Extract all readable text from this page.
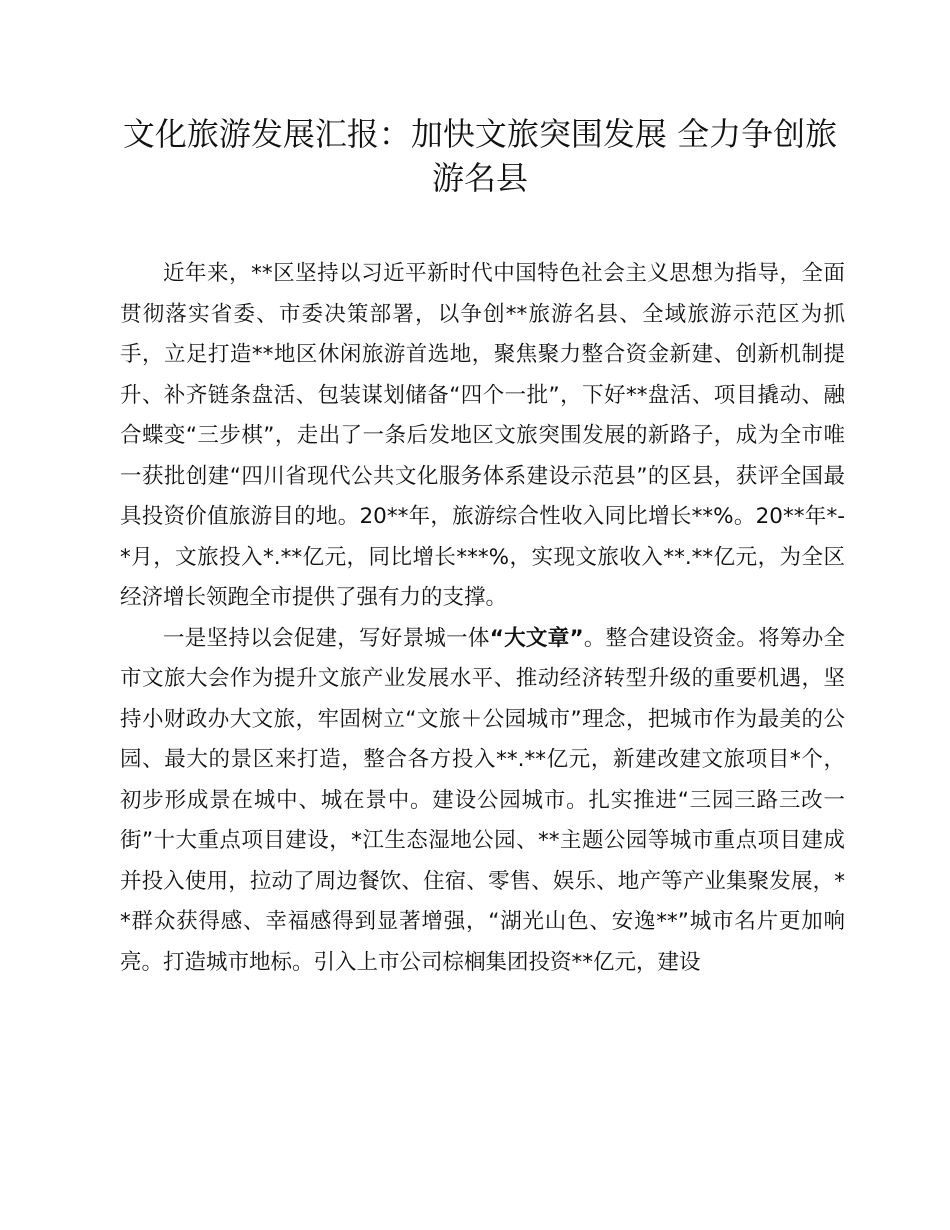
文化旅游发展汇报：加快文旅突围发展 全力争创旅游名县

近年来，**区坚持以习近平新时代中国特色社会主义思想为指导，全面贯彻落实省委、市委决策部署，以争创**旅游名县、全域旅游示范区为抓手，立足打造**地区休闲旅游首选地，聚焦聚力整合资金新建、创新机制提升、补齐链条盘活、包装谋划储备“四个一批”，下好**盘活、项目撬动、融合蝶变“三步棋”，走出了一条后发地区文旅突围发展的新路子，成为全市唯一获批创建“四川省现代公共文化服务体系建设示范县”的区县，获评全国最具投资价值旅游目的地。20**年，旅游综合性收入同比增长**%。20**年*-*月，文旅投入*.**亿元，同比增长***%，实现文旅收入**.**亿元，为全区经济增长领跑全市提供了强有力的支撑。

一是坚持以会促建，写好景城一体“大文章”。整合建设资金。将筹办全市文旅大会作为提升文旅产业发展水平、推动经济转型升级的重要机遇，坚持小财政办大文旅，牢固树立“文旅＋公园城市”理念，把城市作为最美的公园、最大的景区来打造，整合各方投入**.**亿元，新建改建文旅项目*个，初步形成景在城中、城在景中。建设公园城市。扎实推进“三园三路三改一街”十大重点项目建设，*江生态湿地公园、**主题公园等城市重点项目建成并投入使用，拉动了周边餐饮、住宿、零售、娱乐、地产等产业集聚发展，**群众获得感、幸福感得到显著增强，“湖光山色、安逸**”城市名片更加响亮。打造城市地标。引入上市公司棕榈集团投资**亿元，建设
